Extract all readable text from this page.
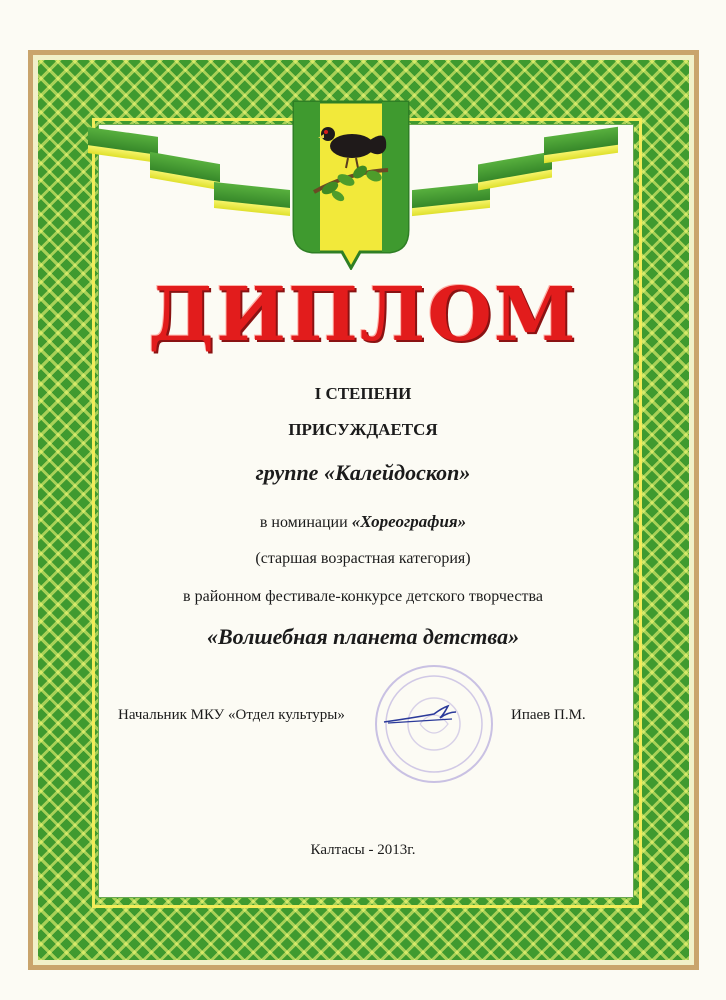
ДИПЛОМ
I СТЕПЕНИ
ПРИСУЖДАЕТСЯ
группе «Калейдоскоп»
в номинации «Хореография»
(старшая возрастная категория)
в районном фестивале-конкурсе детского творчества
«Волшебная планета детства»
Начальник МКУ «Отдел культуры»	Ипаев П.М.
Калтасы - 2013г.
